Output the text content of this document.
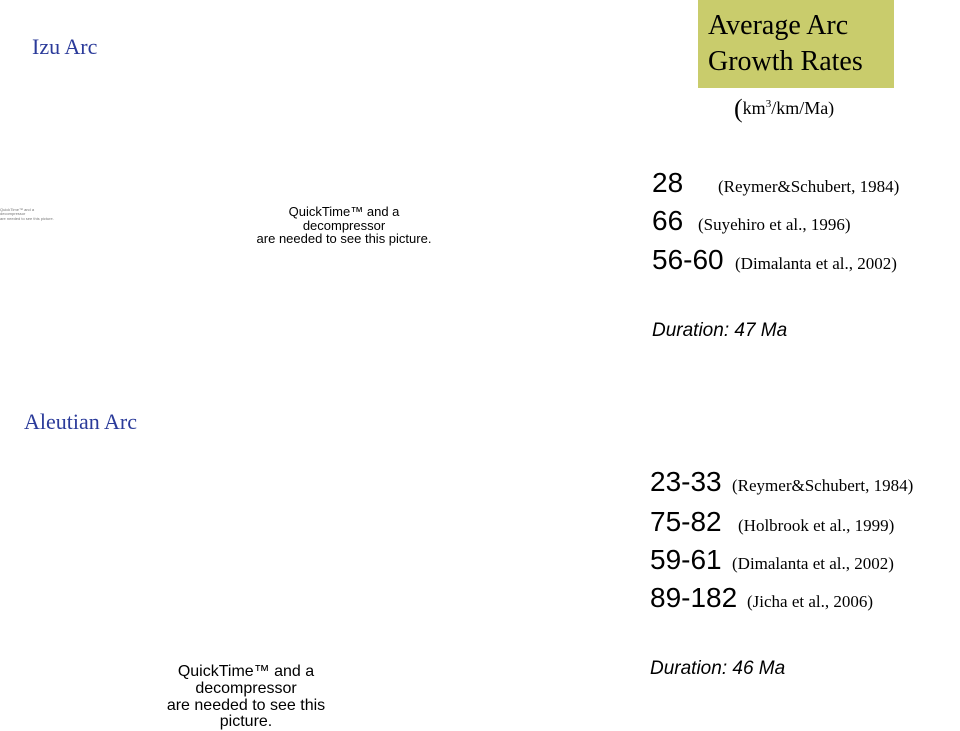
Izu Arc
Average Arc
Growth Rates
$(km^3/km/Ma)$
QuickTime™ and a
decompressor
are needed to see this picture.	QuickTime™ and a
decompressor
are needed to see this picture.
28 (Reymer&Schubert, 1984)
66 (Suyehiro et al., 1996)
56-60 (Dimalanta et al., 2002)
Duration: 47 Ma
Aleutian Arc
23-33 (Reymer&Schubert, 1984)
75-82 (Holbrook et al., 1999)
59-61 (Dimalanta et al., 2002)
89-182 (Jicha et al., 2006)
Duration: 46 Ma
QuickTime™ and a
decompressor
are needed to see this picture.
